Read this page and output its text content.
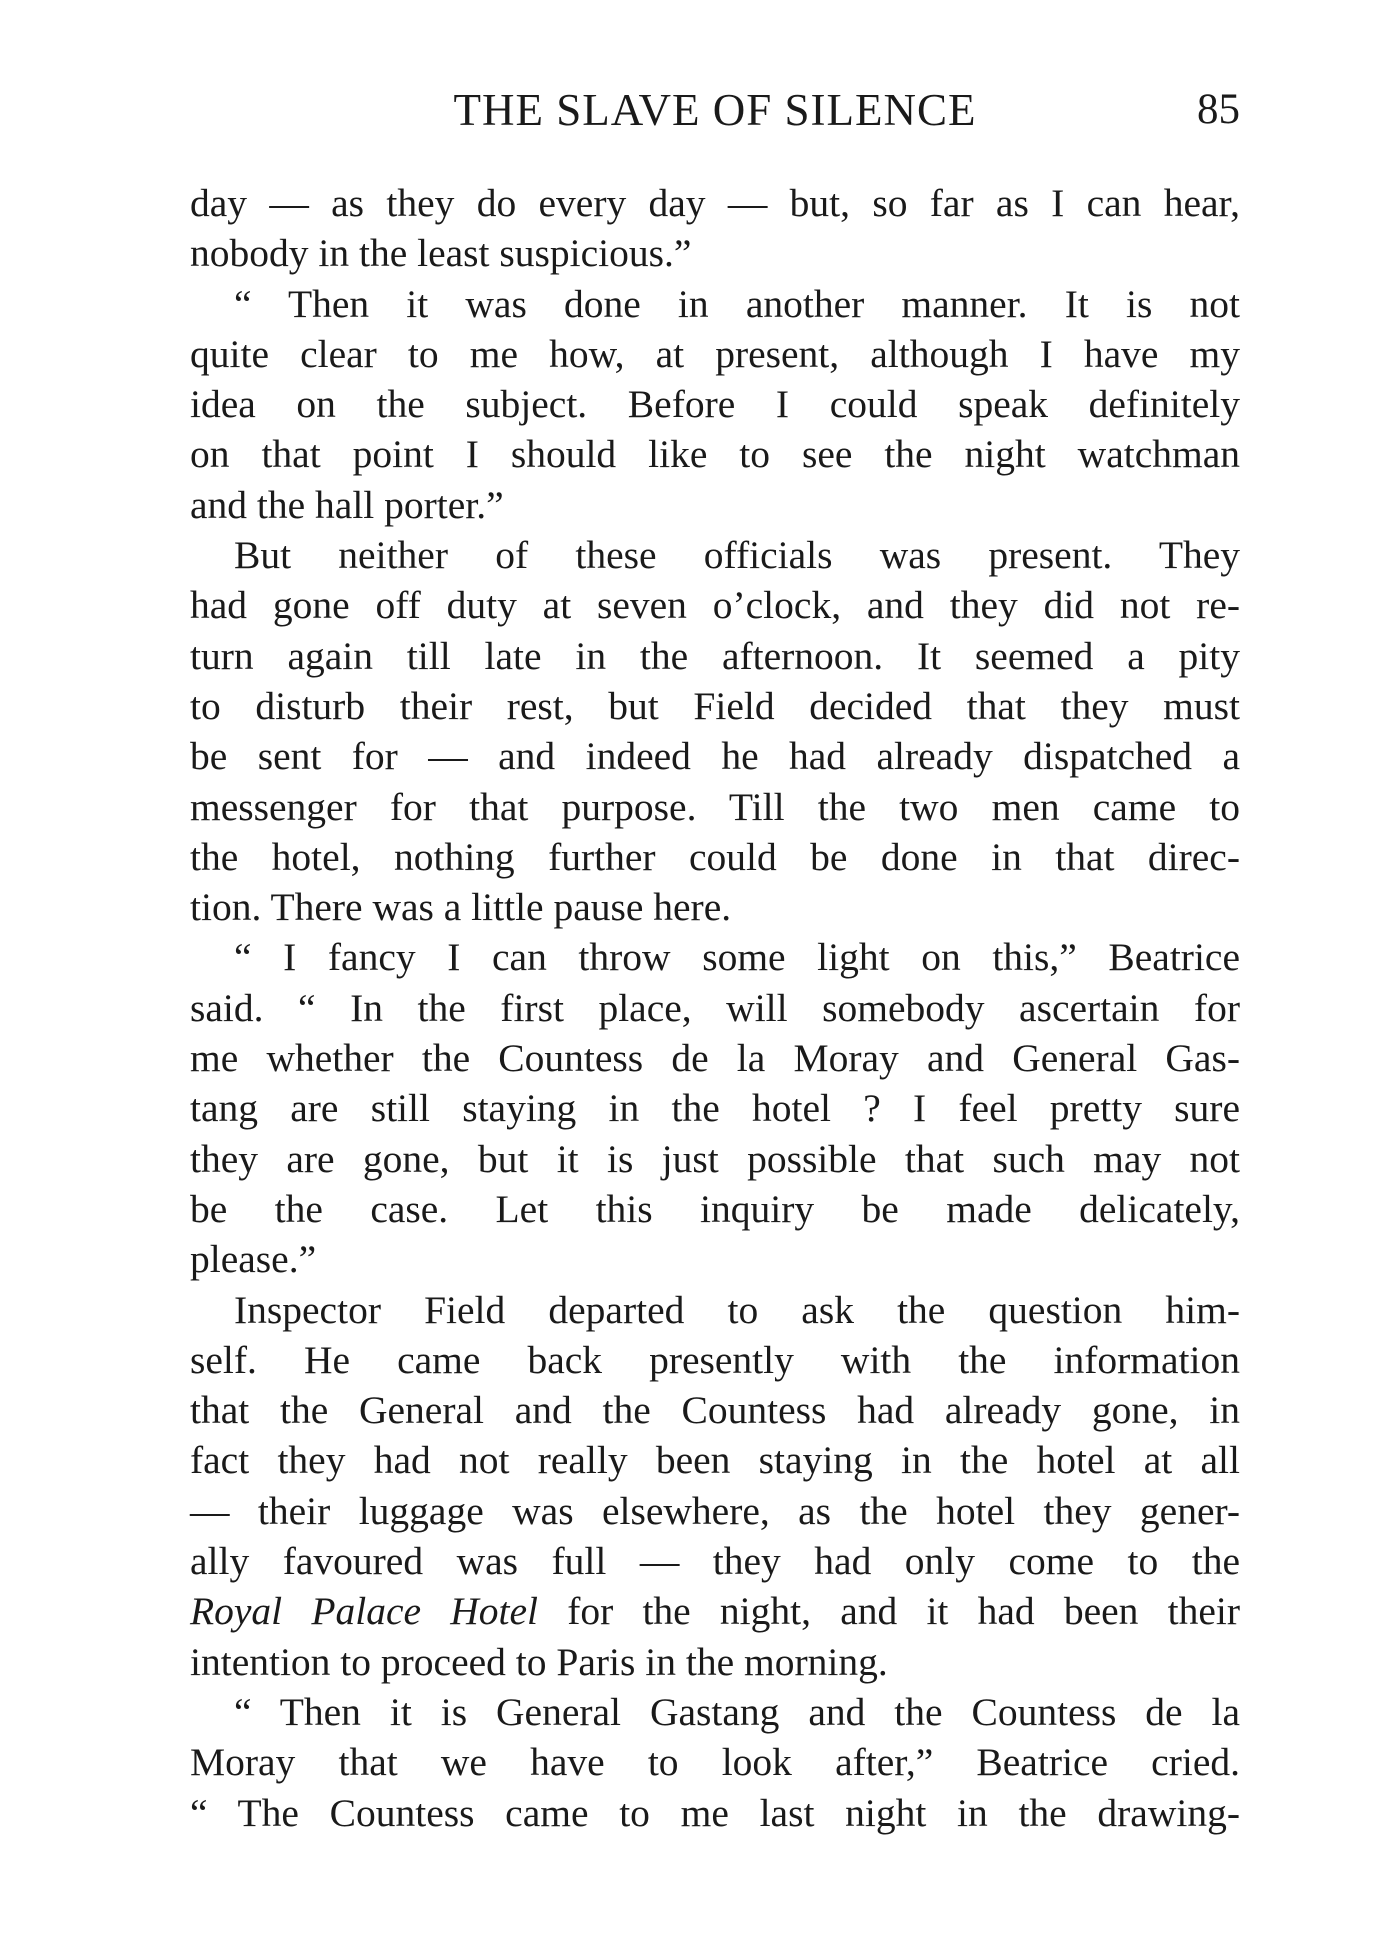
THE SLAVE OF SILENCE	85
day — as they do every day — but, so far as I can hear,
nobody in the least suspicious.”
“ Then it was done in another manner. It is not
quite clear to me how, at present, although I have my
idea on the subject. Before I could speak definitely
on that point I should like to see the night watchman
and the hall porter.”
But neither of these officials was present. They
had gone off duty at seven o’clock, and they did not re-
turn again till late in the afternoon. It seemed a pity
to disturb their rest, but Field decided that they must
be sent for — and indeed he had already dispatched a
messenger for that purpose. Till the two men came to
the hotel, nothing further could be done in that direc-
tion. There was a little pause here.
“ I fancy I can throw some light on this,” Beatrice
said. “ In the first place, will somebody ascertain for
me whether the Countess de la Moray and General Gas-
tang are still staying in the hotel ? I feel pretty sure
they are gone, but it is just possible that such may not
be the case. Let this inquiry be made delicately,
please.”
Inspector Field departed to ask the question him-
self. He came back presently with the information
that the General and the Countess had already gone, in
fact they had not really been staying in the hotel at all
— their luggage was elsewhere, as the hotel they gener-
ally favoured was full — they had only come to the
Royal Palace Hotel for the night, and it had been their
intention to proceed to Paris in the morning.
“ Then it is General Gastang and the Countess de la
Moray that we have to look after,” Beatrice cried.
“ The Countess came to me last night in the drawing-
